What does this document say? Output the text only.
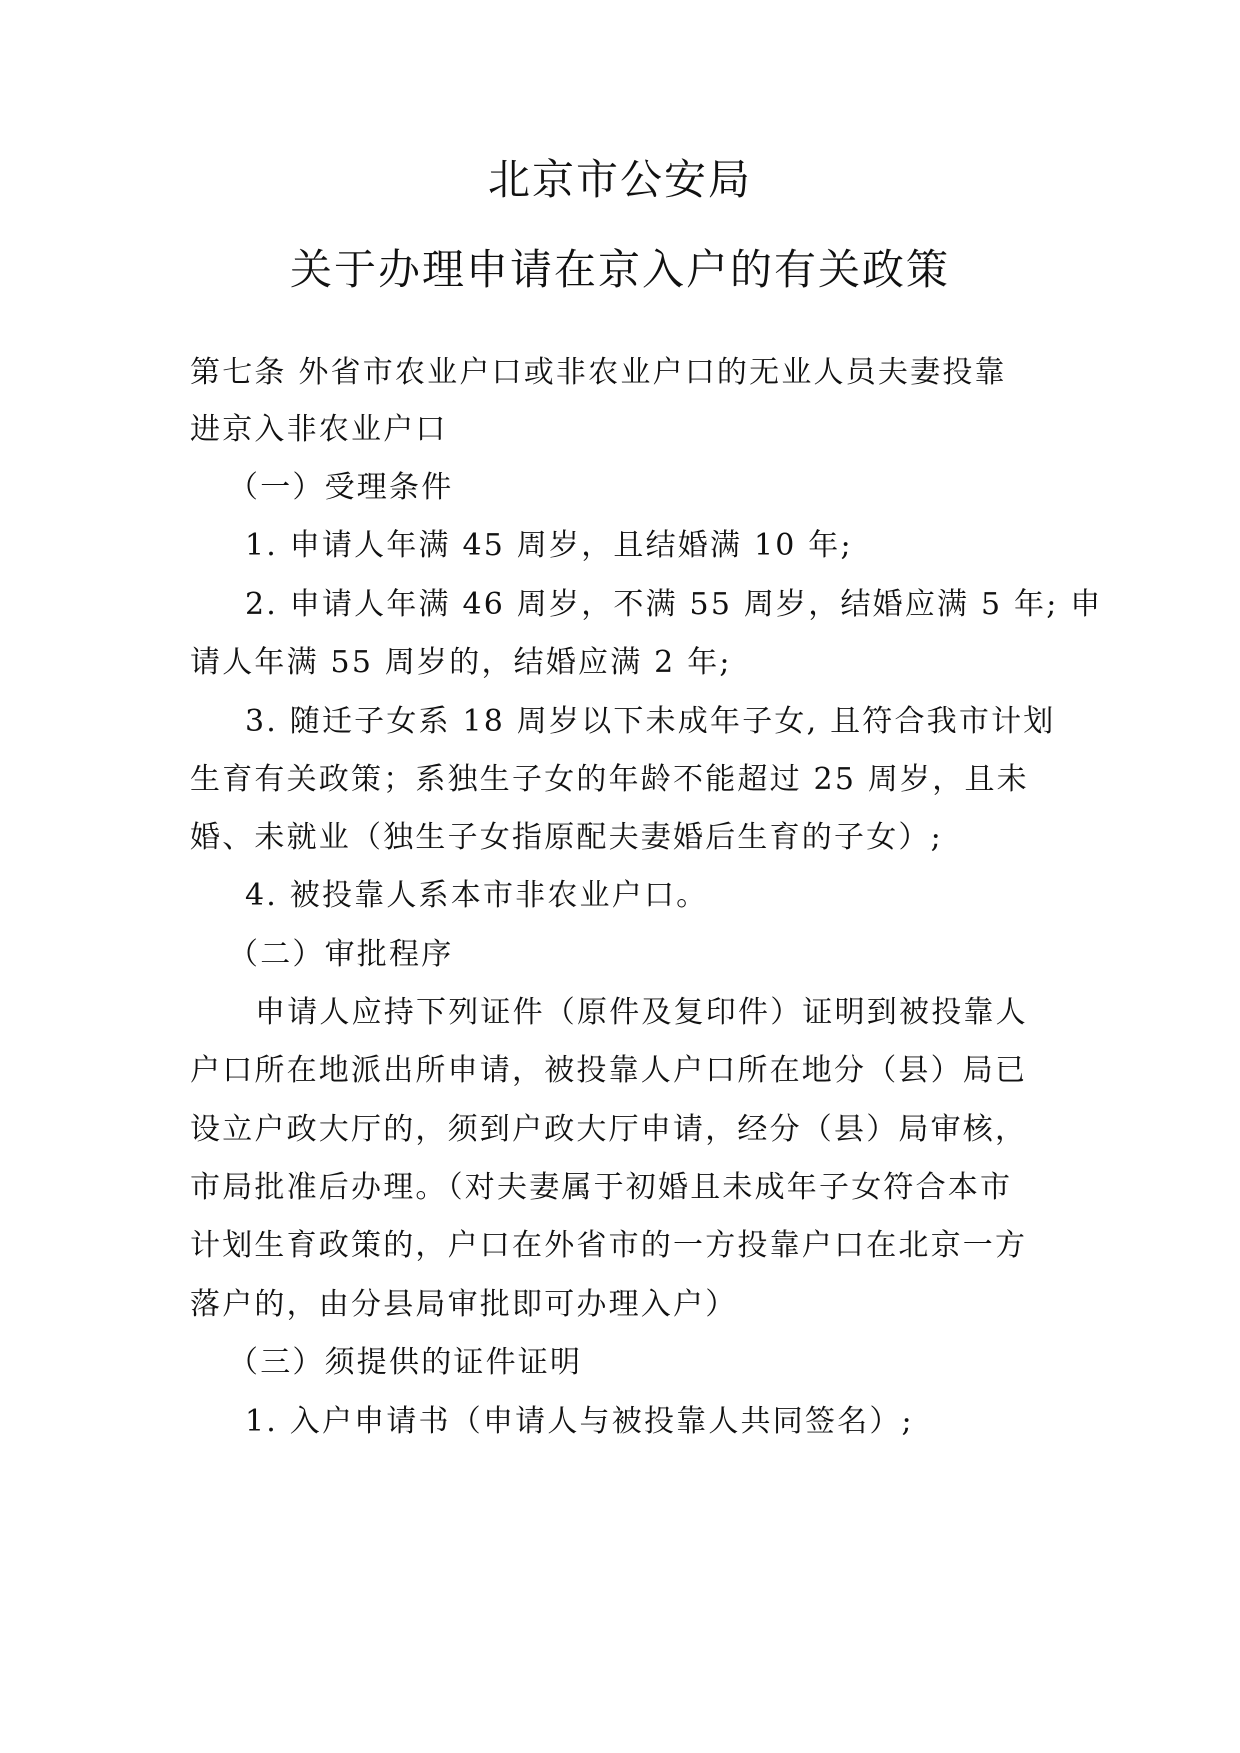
北京市公安局
关于办理申请在京入户的有关政策
第七条 外省市农业户口或非农业户口的无业人员夫妻投靠
进京入非农业户口
（一）受理条件
1. 申请人年满 45 周岁，且结婚满 10 年;
2. 申请人年满 46 周岁，不满 55 周岁，结婚应满 5 年; 申
请人年满 55 周岁的，结婚应满 2 年;
3. 随迁子女系 18 周岁以下未成年子女, 且符合我市计划
生育有关政策；系独生子女的年龄不能超过 25 周岁，且未
婚、未就业（独生子女指原配夫妻婚后生育的子女）;
4. 被投靠人系本市非农业户口。
（二）审批程序
申请人应持下列证件（原件及复印件）证明到被投靠人
户口所在地派出所申请，被投靠人户口所在地分（县）局已
设立户政大厅的，须到户政大厅申请，经分（县）局审核，
市局批准后办理。（对夫妻属于初婚且未成年子女符合本市
计划生育政策的，户口在外省市的一方投靠户口在北京一方
落户的，由分县局审批即可办理入户）
（三）须提供的证件证明
1. 入户申请书（申请人与被投靠人共同签名）;
